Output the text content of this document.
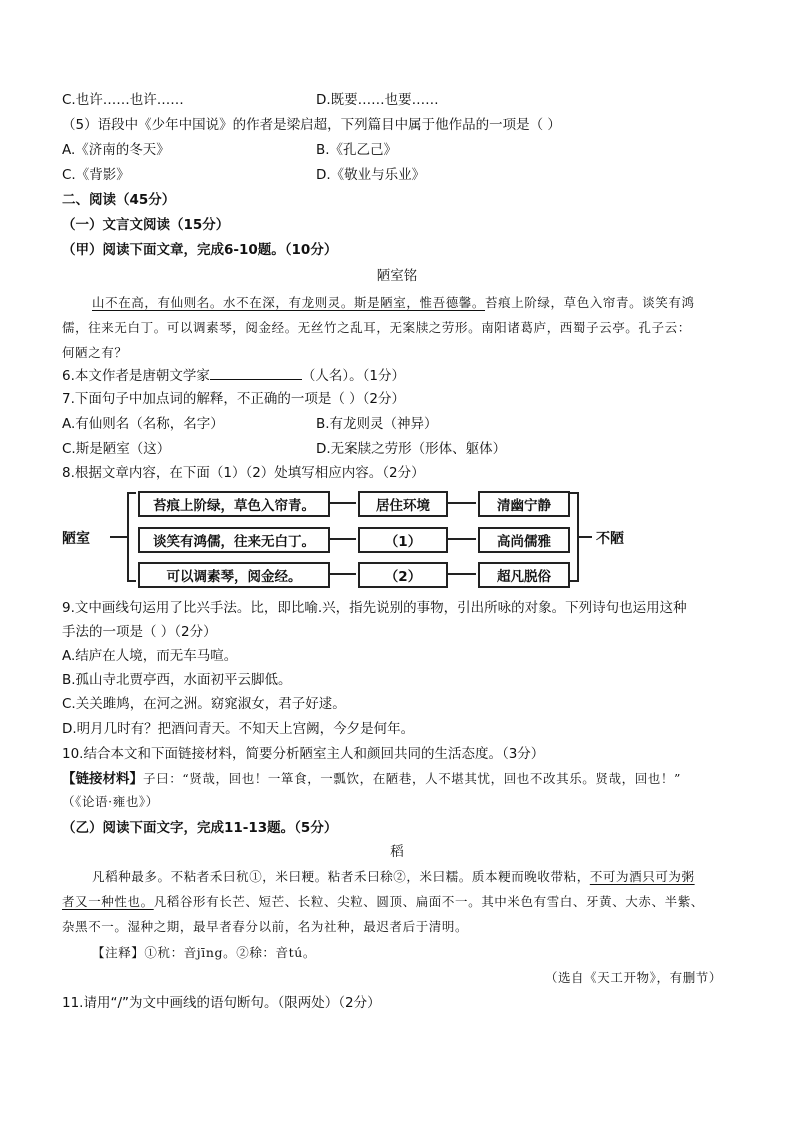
C.也许……也许……	D.既要……也要……
（5）语段中《少年中国说》的作者是梁启超，下列篇目中属于他作品的一项是（ ）
A.《济南的冬天》	B.《孔乙己》
C.《背影》	D.《敬业与乐业》
二、阅读（45分）
（一）文言文阅读（15分）
（甲）阅读下面文章，完成6-10题。（10分）
陋室铭
山不在高，有仙则名。水不在深，有龙则灵。斯是陋室，惟吾德馨。苔痕上阶绿，草色入帘青。谈笑有鸿
儒，往来无白丁。可以调素琴，阅金经。无丝竹之乱耳，无案牍之劳形。南阳诸葛庐，西蜀子云亭。孔子云：
何陋之有？
6.本文作者是唐朝文学家	（人名）。（1分）
7.下面句子中加点词的解释，不正确的一项是（ ）（2分）
A.有仙则名（名称，名字）	B.有龙则灵（神异）
C.斯是陋室（这）	D.无案牍之劳形（形体、躯体）
8.根据文章内容，在下面（1）（2）处填写相应内容。（2分）
陋室	不陋
苔痕上阶绿，草色入帘青。	居住环境	清幽宁静
谈笑有鸿儒，往来无白丁。	（1）	高尚儒雅
可以调素琴，阅金经。	（2）	超凡脱俗
9.文中画线句运用了比兴手法。比，即比喻.兴，指先说别的事物，引出所咏的对象。下列诗句也运用这种
手法的一项是（ ）（2分）
A.结庐在人境，而无车马喧。
B.孤山寺北贾亭西，水面初平云脚低。
C.关关雎鸠，在河之洲。窈窕淑女，君子好逑。
D.明月几时有？把酒问青天。不知天上宫阙，今夕是何年。
10.结合本文和下面链接材料，简要分析陋室主人和颜回共同的生活态度。（3分）
【链接材料】子曰：“贤哉，回也！一箪食，一瓢饮，在陋巷，人不堪其忧，回也不改其乐。贤哉，回也！”
（《论语·雍也》）
（乙）阅读下面文字，完成11-13题。（5分）
稻
凡稻种最多。不粘者禾曰秔①，米曰粳。粘者禾曰稌②，米曰糯。质本粳而晚收带粘，不可为酒只可为粥
者又一种性也。凡稻谷形有长芒、短芒、长粒、尖粒、圆顶、扁面不一。其中米色有雪白、牙黄、大赤、半紫、
杂黑不一。湿种之期，最早者春分以前，名为社种，最迟者后于清明。
【注释】①秔：音jīng。②稌：音tú。
（选自《天工开物》，有删节）
11.请用“/”为文中画线的语句断句。（限两处）（2分）
